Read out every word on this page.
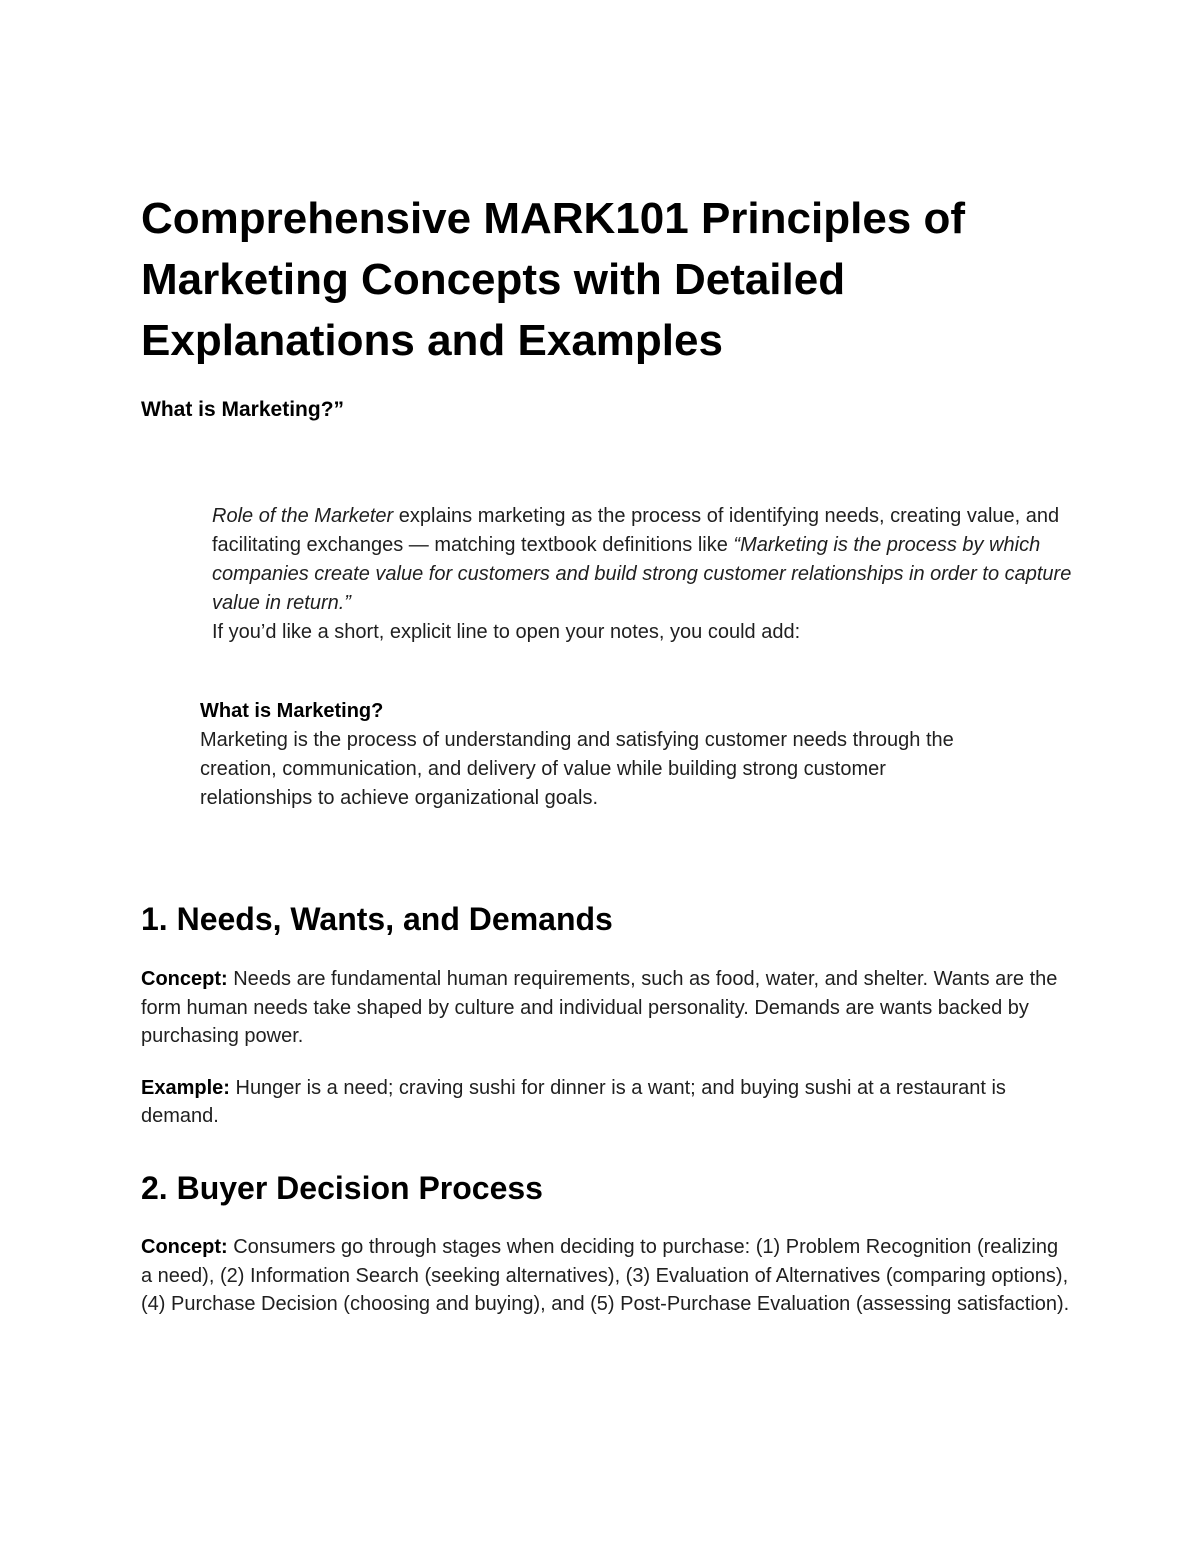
Comprehensive MARK101 Principles of Marketing Concepts with Detailed Explanations and Examples
What is Marketing?”

Role of the Marketer explains marketing as the process of identifying needs, creating value, and facilitating exchanges — matching textbook definitions like “Marketing is the process by which companies create value for customers and build strong customer relationships in order to capture value in return.”

If you’d like a short, explicit line to open your notes, you could add:

What is Marketing?

Marketing is the process of understanding and satisfying customer needs through the creation, communication, and delivery of value while building strong customer relationships to achieve organizational goals.

1. Needs, Wants, and Demands

Concept: Needs are fundamental human requirements, such as food, water, and shelter. Wants are the form human needs take shaped by culture and individual personality. Demands are wants backed by purchasing power.

Example: Hunger is a need; craving sushi for dinner is a want; and buying sushi at a restaurant is demand.

2. Buyer Decision Process

Concept: Consumers go through stages when deciding to purchase: (1) Problem Recognition (realizing a need), (2) Information Search (seeking alternatives), (3) Evaluation of Alternatives (comparing options), (4) Purchase Decision (choosing and buying), and (5) Post-Purchase Evaluation (assessing satisfaction).
